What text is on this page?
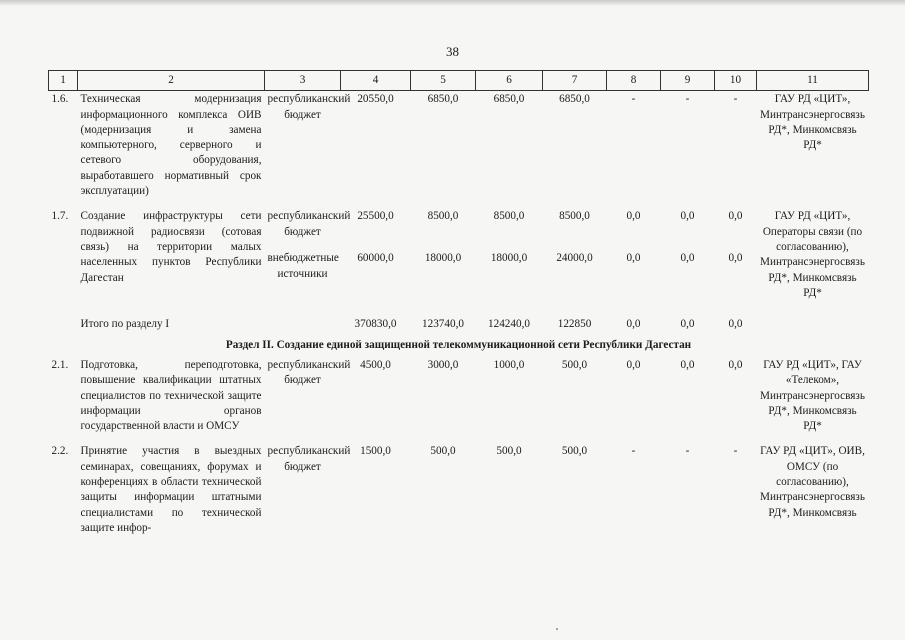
38
1	2	3	4	5	6	7	8	9	10	11
1.6.	Техническая модернизация информационного комплекса ОИВ (модернизация и замена компьютерного, серверного и сетевого оборудования, выработавшего нормативный срок эксплуатации)	республиканский бюджет	20550,0	6850,0	6850,0	6850,0	-	-	-	ГАУ РД «ЦИТ», Минтрансэнергосвязь РД*, Минкомсвязь РД*
1.7.	Создание инфраструктуры сети подвижной радиосвязи (сотовая связь) на территории малых населенных пунктов Республики Дагестан	республиканский бюджет	25500,0	8500,0	8500,0	8500,0	0,0	0,0	0,0	ГАУ РД «ЦИТ», Операторы связи (по согласованию), Минтрансэнергосвязь РД*, Минкомсвязь РД*
		внебюджетные источники	60000,0	18000,0	18000,0	24000,0	0,0	0,0	0,0	
	Итого по разделу I		370830,0	123740,0	124240,0	122850	0,0	0,0	0,0	
Раздел II. Создание единой защищенной телекоммуникационной сети Республики Дагестан										
2.1.	Подготовка, переподготовка, повышение квалификации штатных специалистов по технической защите информации органов государственной власти и ОМСУ	республиканский бюджет	4500,0	3000,0	1000,0	500,0	0,0	0,0	0,0	ГАУ РД «ЦИТ», ГАУ «Телеком», Минтрансэнергосвязь РД*, Минкомсвязь РД*
2.2.	Принятие участия в выездных семинарах, совещаниях, форумах и конференциях в области технической защиты информации штатными специалистами по технической защите инфор-	республиканский бюджет	1500,0	500,0	500,0	500,0	-	-	-	ГАУ РД «ЦИТ», ОИВ, ОМСУ (по согласованию), Минтрансэнергосвязь РД*, Минкомсвязь
